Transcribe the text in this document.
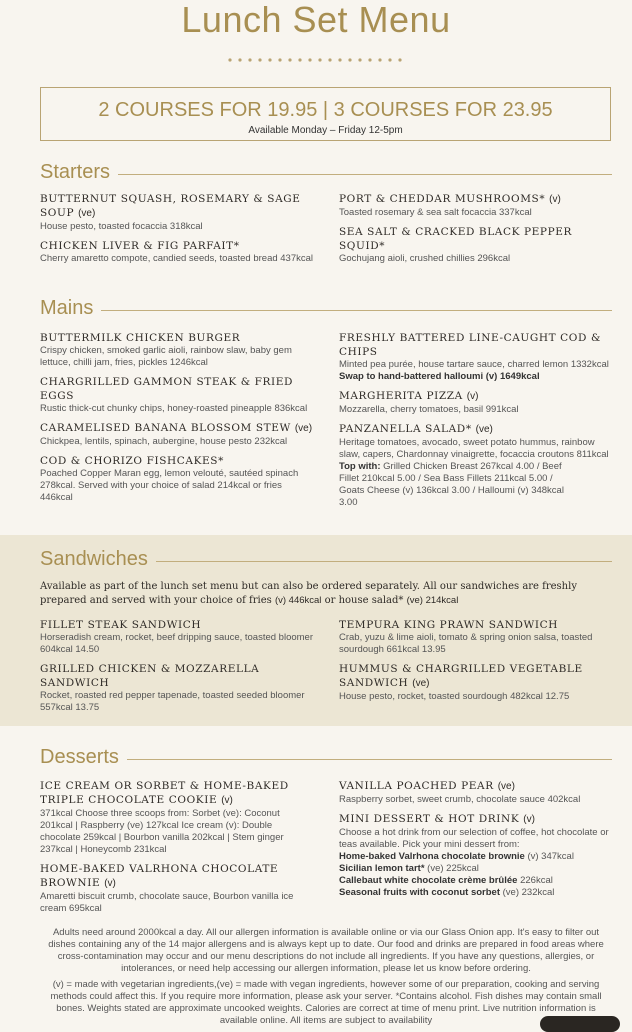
Lunch Set Menu
2 COURSES FOR 19.95 | 3 COURSES FOR 23.95
Available Monday – Friday 12-5pm
Starters
BUTTERNUT SQUASH, ROSEMARY & SAGE SOUP (ve)
House pesto, toasted focaccia 318kcal
CHICKEN LIVER & FIG PARFAIT*
Cherry amaretto compote, candied seeds, toasted bread 437kcal
PORT & CHEDDAR MUSHROOMS* (v)
Toasted rosemary & sea salt focaccia 337kcal
SEA SALT & CRACKED BLACK PEPPER SQUID*
Gochujang aioli, crushed chillies 296kcal
Mains
BUTTERMILK CHICKEN BURGER
Crispy chicken, smoked garlic aioli, rainbow slaw, baby gem lettuce, chilli jam, fries, pickles 1246kcal
CHARGRILLED GAMMON STEAK & FRIED EGGS
Rustic thick-cut chunky chips, honey-roasted pineapple 836kcal
CARAMELISED BANANA BLOSSOM STEW (ve)
Chickpea, lentils, spinach, aubergine, house pesto 232kcal
COD & CHORIZO FISHCAKES*
Poached Copper Maran egg, lemon velouté, sautéed spinach 278kcal. Served with your choice of salad 214kcal or fries 446kcal
FRESHLY BATTERED LINE-CAUGHT COD & CHIPS
Minted pea purée, house tartare sauce, charred lemon 1332kcal Swap to hand-battered halloumi (v) 1649kcal
MARGHERITA PIZZA (v)
Mozzarella, cherry tomatoes, basil 991kcal
PANZANELLA SALAD* (ve)
Heritage tomatoes, avocado, sweet potato hummus, rainbow slaw, capers, Chardonnay vinaigrette, focaccia croutons 811kcal
Top with: Grilled Chicken Breast 267kcal 4.00 / Beef Fillet 210kcal 5.00 / Sea Bass Fillets 211kcal 5.00 / Goats Cheese (v) 136kcal 3.00 / Halloumi (v) 348kcal 3.00
Sandwiches
Available as part of the lunch set menu but can also be ordered separately. All our sandwiches are freshly prepared and served with your choice of fries (v) 446kcal or house salad* (ve) 214kcal
FILLET STEAK SANDWICH
Horseradish cream, rocket, beef dripping sauce, toasted bloomer 604kcal 14.50
GRILLED CHICKEN & MOZZARELLA SANDWICH
Rocket, roasted red pepper tapenade, toasted seeded bloomer 557kcal 13.75
TEMPURA KING PRAWN SANDWICH
Crab, yuzu & lime aioli, tomato & spring onion salsa, toasted sourdough 661kcal 13.95
HUMMUS & CHARGRILLED VEGETABLE SANDWICH (ve)
House pesto, rocket, toasted sourdough 482kcal 12.75
Desserts
ICE CREAM OR SORBET & HOME-BAKED TRIPLE CHOCOLATE COOKIE (v)
371kcal Choose three scoops from: Sorbet (ve): Coconut 201kcal | Raspberry (ve) 127kcal Ice cream (v): Double chocolate 259kcal | Bourbon vanilla 202kcal | Stem ginger 237kcal | Honeycomb 231kcal
HOME-BAKED VALRHONA CHOCOLATE BROWNIE (v)
Amaretti biscuit crumb, chocolate sauce, Bourbon vanilla ice cream 695kcal
VANILLA POACHED PEAR (ve)
Raspberry sorbet, sweet crumb, chocolate sauce 402kcal
MINI DESSERT & HOT DRINK (v)
Choose a hot drink from our selection of coffee, hot chocolate or teas available. Pick your mini dessert from:
Home-baked Valrhona chocolate brownie (v) 347kcal
Sicilian lemon tart* (ve) 225kcal
Callebaut white chocolate crème brûlée 226kcal
Seasonal fruits with coconut sorbet (ve) 232kcal

Adults need around 2000kcal a day. All our allergen information is available online or via our Glass Onion app. It's easy to filter out dishes containing any of the 14 major allergens and is always kept up to date. Our food and drinks are prepared in food areas where cross-contamination may occur and our menu descriptions do not include all ingredients. If you have any questions, allergies, or intolerances, or need help accessing our allergen information, please let us know before ordering.

(v) = made with vegetarian ingredients,(ve) = made with vegan ingredients, however some of our preparation, cooking and serving methods could affect this. If you require more information, please ask your server. *Contains alcohol. Fish dishes may contain small bones. Weights stated are approximate uncooked weights. Calories are correct at time of menu print. Live nutrition information is available online. All items are subject to availability
